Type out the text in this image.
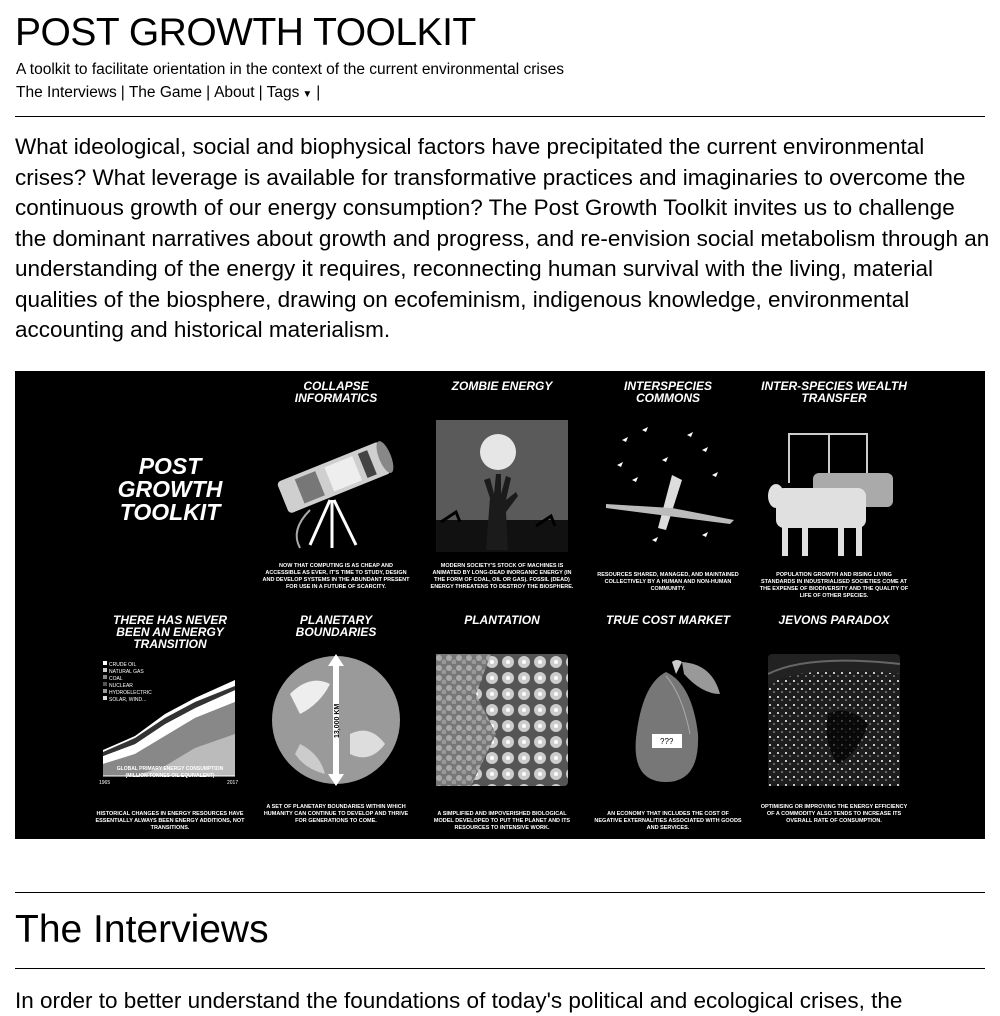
POST GROWTH TOOLKIT
A toolkit to facilitate orientation in the context of the current environmental crises
The Interviews | The Game | About | Tags ▼ |

What ideological, social and biophysical factors have precipitated the current environmental crises? What leverage is available for transformative practices and imaginaries to overcome the continuous growth of our energy consumption? The Post Growth Toolkit invites us to challenge the dominant narratives about growth and progress, and re-envision social metabolism through an understanding of the energy it requires, reconnecting human survival with the living, material qualities of the biosphere, drawing on ecofeminism, indigenous knowledge, environmental accounting and historical materialism.

POST GROWTH TOOLKIT
COLLAPSE INFORMATICS
NOW THAT COMPUTING IS AS CHEAP AND ACCESSIBLE AS EVER, IT'S TIME TO STUDY, DESIGN AND DEVELOP SYSTEMS IN THE ABUNDANT PRESENT FOR USE IN A FUTURE OF SCARCITY.
ZOMBIE ENERGY
MODERN SOCIETY'S STOCK OF MACHINES IS ANIMATED BY LONG-DEAD INORGANIC ENERGY (IN THE FORM OF COAL, OIL OR GAS). FOSSIL (DEAD) ENERGY THREATENS TO DESTROY THE BIOSPHERE.
INTERSPECIES COMMONS
RESOURCES SHARED, MANAGED, AND MAINTAINED COLLECTIVELY BY A HUMAN AND NON-HUMAN COMMUNITY.
INTER-SPECIES WEALTH TRANSFER
POPULATION GROWTH AND RISING LIVING STANDARDS IN INDUSTRIALISED SOCIETIES COME AT THE EXPENSE OF BIODIVERSITY AND THE QUALITY OF LIFE OF OTHER SPECIES.
THERE HAS NEVER BEEN AN ENERGY TRANSITION
CRUDE OIL
NATURAL GAS
COAL
NUCLEAR
HYDROELECTRIC
SOLAR, WIND...
1965	2017
GLOBAL PRIMARY ENERGY CONSUMPTION (MILLION TONNES OIL EQUIVALENT)
HISTORICAL CHANGES IN ENERGY RESOURCES HAVE ESSENTIALLY ALWAYS BEEN ENERGY ADDITIONS, NOT TRANSITIONS.
PLANETARY BOUNDARIES
13,000 KM
A SET OF PLANETARY BOUNDARIES WITHIN WHICH HUMANITY CAN CONTINUE TO DEVELOP AND THRIVE FOR GENERATIONS TO COME.
PLANTATION
A SIMPLIFIED AND IMPOVERISHED BIOLOGICAL MODEL DEVELOPED TO PUT THE PLANET AND ITS RESOURCES TO INTENSIVE WORK.
TRUE COST MARKET
???
AN ECONOMY THAT INCLUDES THE COST OF NEGATIVE EXTERNALITIES ASSOCIATED WITH GOODS AND SERVICES.
JEVONS PARADOX
OPTIMISING OR IMPROVING THE ENERGY EFFICIENCY OF A COMMODITY ALSO TENDS TO INCREASE ITS OVERALL RATE OF CONSUMPTION.
The Interviews

In order to better understand the foundations of today's political and ecological crises, the
